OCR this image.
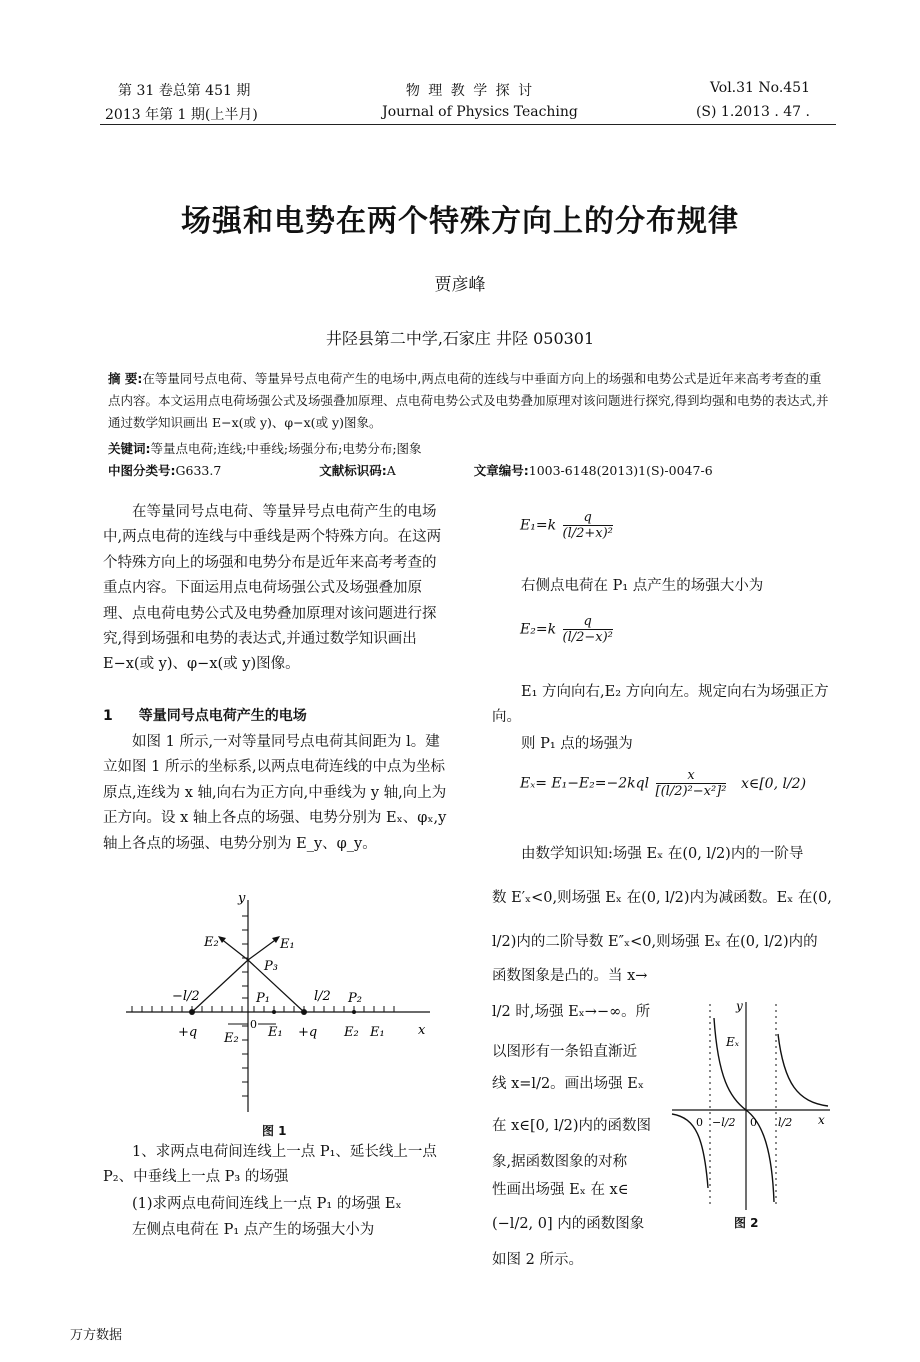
第 31 卷总第 451 期
2013 年第 1 期(上半月)
物 理 教 学 探 讨
Journal of Physics Teaching
Vol.31 No.451
(S) 1.2013 . 47 .
场强和电势在两个特殊方向上的分布规律
贾彦峰
井陉县第二中学,石家庄 井陉 050301
摘 要:在等量同号点电荷、等量异号点电荷产生的电场中,两点电荷的连线与中垂面方向上的场强和电势公式是近年来高考考查的重点内容。本文运用点电荷场强公式及场强叠加原理、点电荷电势公式及电势叠加原理对该问题进行探究,得到均强和电势的表达式,并通过数学知识画出 E−x(或 y)、φ−x(或 y)图象。
关键词:等量点电荷;连线;中垂线;场强分布;电势分布;图象
中图分类号:G633.7	文献标识码:A	文章编号:1003-6148(2013)1(S)-0047-6
在等量同号点电荷、等量异号点电荷产生的电场中,两点电荷的连线与中垂线是两个特殊方向。在这两个特殊方向上的场强和电势分布是近年来高考考查的重点内容。下面运用点电荷场强公式及场强叠加原理、点电荷电势公式及电势叠加原理对该问题进行探究,得到场强和电势的表达式,并通过数学知识画出 E−x(或 y)、φ−x(或 y)图像。
1 等量同号点电荷产生的电场
如图 1 所示,一对等量同号点电荷其间距为 l。建立如图 1 所示的坐标系,以两点电荷连线的中点为坐标原点,连线为 x 轴,向右为正方向,中垂线为 y 轴,向上为正方向。设 x 轴上各点的场强、电势分别为 Eₓ、φₓ,y 轴上各点的场强、电势分别为 E_y、φ_y。
y
x
E₂	E₁
P₃
−l/2	P₁	l/2 P₂
+q E₂
0
E₁ +q E₂ E₁
图 1
1、求两点电荷间连线上一点 P₁、延长线上一点 P₂、中垂线上一点 P₃ 的场强
(1)求两点电荷间连线上一点 P₁ 的场强 Eₓ
左侧点电荷在 P₁ 点产生的场强大小为
$E_1=k \frac{q}{\text{(l/2+x)²}}$
右侧点电荷在 P₁ 点产生的场强大小为
$E_2=k \frac{q}{\text{(l/2−x)²}}$
E₁ 方向向右,E₂ 方向向左。规定向右为场强正方向。
则 P₁ 点的场强为
$E_x= E_1-E_2=-2kql \frac{x}{\text{[(l/2)²−x²]²}}$ x∈[0, l/2)
由数学知识知:场强 Eₓ 在(0, l/2)内的一阶导
数 E′ₓ<0,则场强 Eₓ 在(0, l/2)内为减函数。Eₓ 在(0,
l/2)内的二阶导数 E″ₓ<0,则场强 Eₓ 在(0, l/2)内的
函数图象是凸的。当 x→
l/2 时,场强 Eₓ→−∞。所
以图形有一条铅直渐近
线 x=l/2。画出场强 Eₓ
在 x∈[0, l/2)内的函数图
象,据函数图象的对称
性画出场强 Eₓ 在 x∈
(−l/2, 0] 内的函数图象
如图 2 所示。
y
Eₓ
0 −l/2 0 l/2 x
图 2
万方数据
